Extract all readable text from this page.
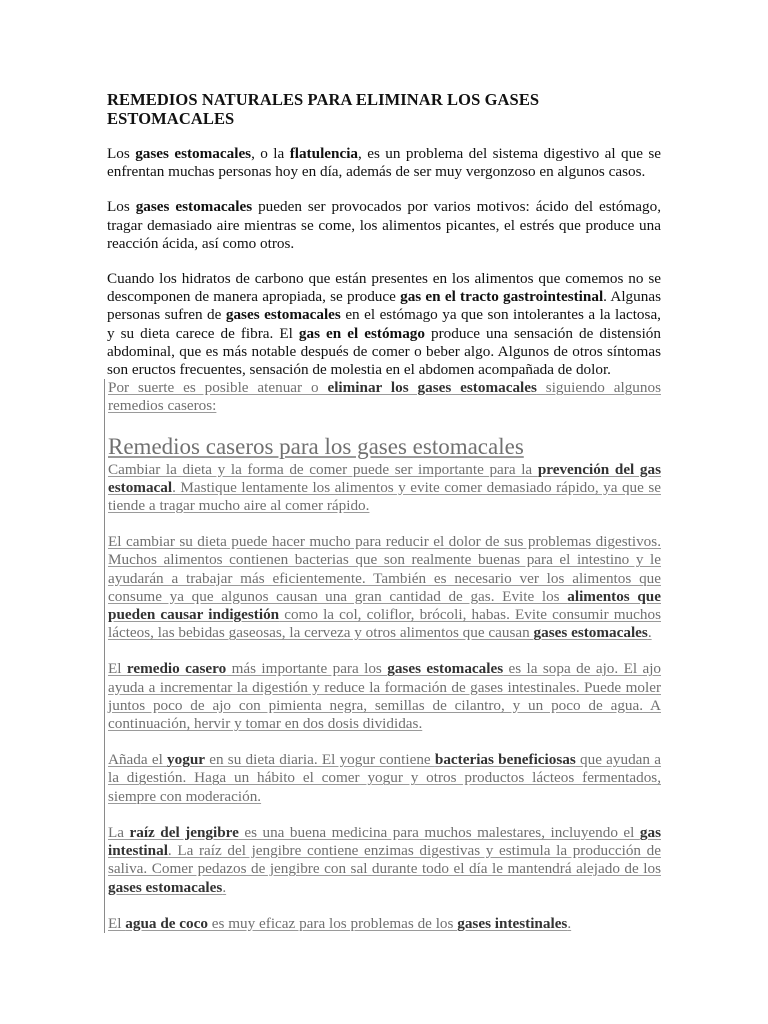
REMEDIOS NATURALES PARA ELIMINAR LOS GASES ESTOMACALES

Los gases estomacales, o la flatulencia, es un problema del sistema digestivo al que se enfrentan muchas personas hoy en día, además de ser muy vergonzoso en algunos casos.

Los gases estomacales pueden ser provocados por varios motivos: ácido del estómago, tragar demasiado aire mientras se come, los alimentos picantes, el estrés que produce una reacción ácida, así como otros.

Cuando los hidratos de carbono que están presentes en los alimentos que comemos no se descomponen de manera apropiada, se produce gas en el tracto gastrointestinal. Algunas personas sufren de gases estomacales en el estómago ya que son intolerantes a la lactosa, y su dieta carece de fibra. El gas en el estómago produce una sensación de distensión abdominal, que es más notable después de comer o beber algo. Algunos de otros síntomas son eructos frecuentes, sensación de molestia en el abdomen acompañada de dolor.

Por suerte es posible atenuar o eliminar los gases estomacales siguiendo algunos remedios caseros:

Remedios caseros para los gases estomacales

Cambiar la dieta y la forma de comer puede ser importante para la prevención del gas estomacal. Mastique lentamente los alimentos y evite comer demasiado rápido, ya que se tiende a tragar mucho aire al comer rápido.

El cambiar su dieta puede hacer mucho para reducir el dolor de sus problemas digestivos. Muchos alimentos contienen bacterias que son realmente buenas para el intestino y le ayudarán a trabajar más eficientemente. También es necesario ver los alimentos que consume ya que algunos causan una gran cantidad de gas. Evite los alimentos que pueden causar indigestión como la col, coliflor, brócoli, habas. Evite consumir muchos lácteos, las bebidas gaseosas, la cerveza y otros alimentos que causan gases estomacales.

El remedio casero más importante para los gases estomacales es la sopa de ajo. El ajo ayuda a incrementar la digestión y reduce la formación de gases intestinales. Puede moler juntos poco de ajo con pimienta negra, semillas de cilantro, y un poco de agua. A continuación, hervir y tomar en dos dosis divididas.

Añada el yogur en su dieta diaria. El yogur contiene bacterias beneficiosas que ayudan a la digestión. Haga un hábito el comer yogur y otros productos lácteos fermentados, siempre con moderación.

La raíz del jengibre es una buena medicina para muchos malestares, incluyendo el gas intestinal. La raíz del jengibre contiene enzimas digestivas y estimula la producción de saliva. Comer pedazos de jengibre con sal durante todo el día le mantendrá alejado de los gases estomacales.

El agua de coco es muy eficaz para los problemas de los gases intestinales.
